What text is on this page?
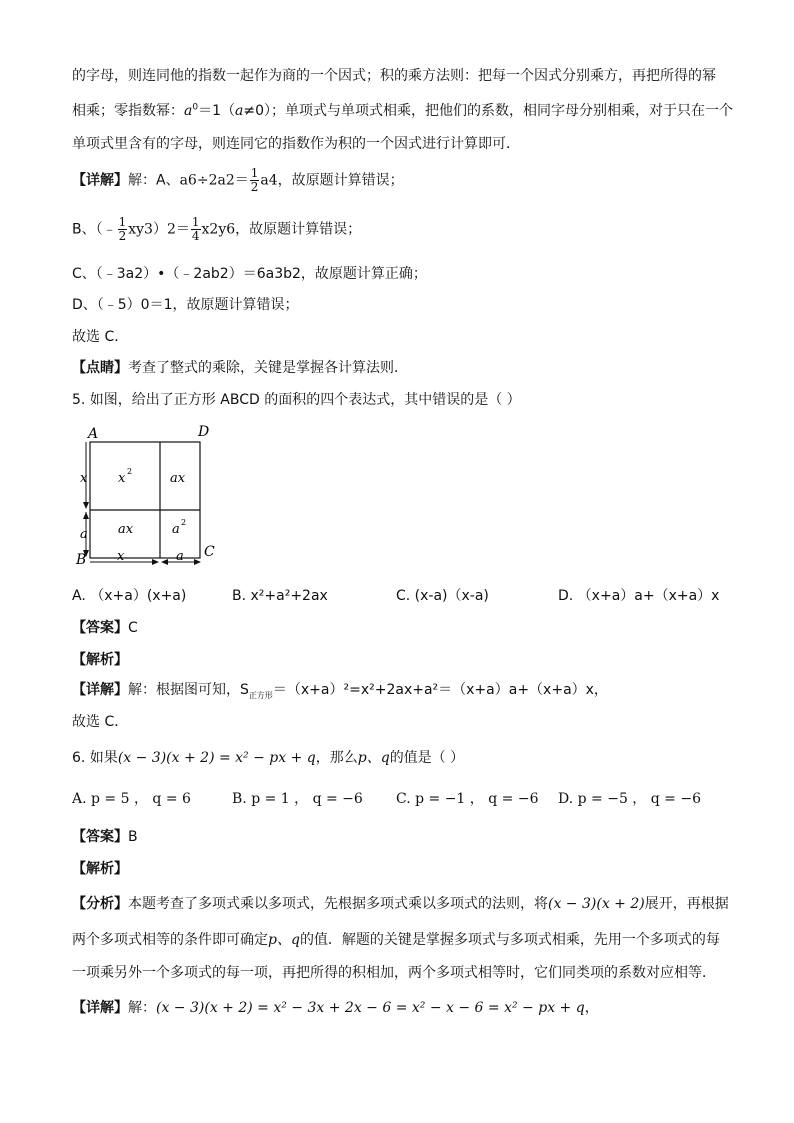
的字母，则连同他的指数一起作为商的一个因式；积的乘方法则：把每一个因式分别乘方，再把所得的幂
相乘；零指数幂：$a^0=1(a\ne 0)$；单项式与单项式相乘，把他们的系数，相同字母分别相乘，对于只在一个
单项式里含有的字母，则连同它的指数作为积的一个因式进行计算即可．
【详解】解：A、$a6\div 2a2= \frac{1}{2} a4$，故原题计算错误；
B、（﹣ $\frac{1}{2} xy3)2= \frac{1}{4} x2y6$，故原题计算错误；
C、（﹣3a2）•（﹣2ab2）＝6a3b2，故原题计算正确；
D、（﹣5）0＝1，故原题计算错误；
故选 C．
【点睛】考查了整式的乘除，关键是掌握各计算法则．
5. 如图，给出了正方形 ABCD 的面积的四个表达式，其中错误的是（ ）
A	D
B	C
x 2	ax
ax	a 2
x
a
x	a
A. （x+a）(x+a)	B. x²+a²+2ax	C. (x-a)（x-a)	D. （x+a）a+（x+a）x
【答案】C
【解析】
【详解】解：根据图可知，$S_{正方形}=(x+a)^2=x^2+2ax+a^2=(x+a)a+(x+a)x$，
故选 C．
6. 如果(x − 3)(x + 2) = x² − px + q，那么p、q的值是（ ）
A. p = 5 ， q = 6	B. p = 1 ， q = −6 C. p = −1 ， q = −6 D. p = −5 ， q = −6
【答案】B
【解析】
【分析】本题考查了多项式乘以多项式，先根据多项式乘以多项式的法则，将(x − 3)(x + 2)展开，再根据
两个多项式相等的条件即可确定p、q的值．解题的关键是掌握多项式与多项式相乘，先用一个多项式的每
一项乘另外一个多项式的每一项，再把所得的积相加，两个多项式相等时，它们同类项的系数对应相等．
【详解】解：(x − 3)(x + 2) = x² − 3x + 2x − 6 = x² − x − 6 = x² − px + q，
